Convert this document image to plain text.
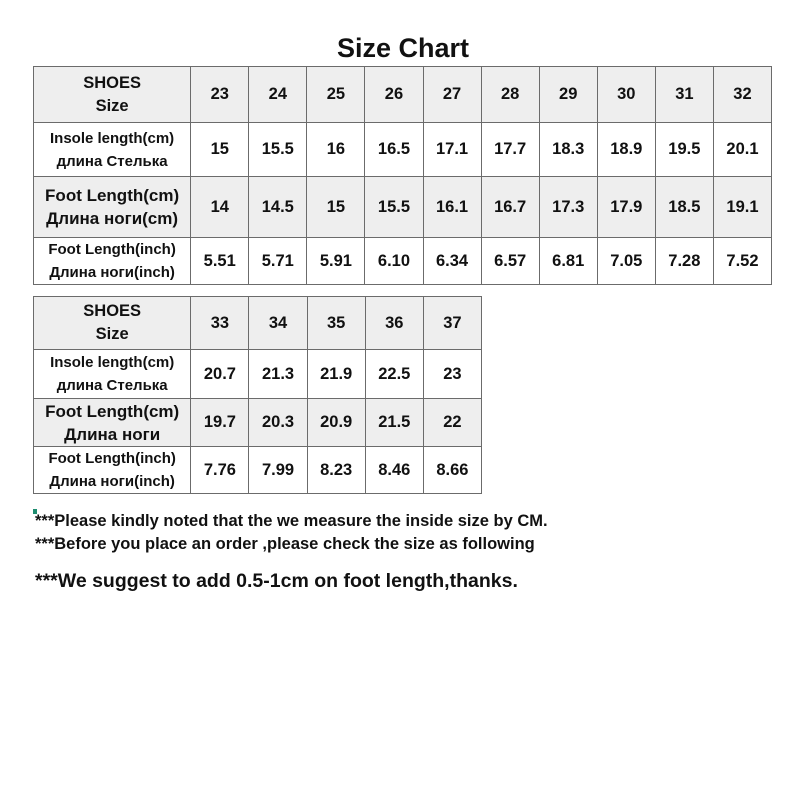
Size Chart
SHOES
Size	23	24	25	26	27	28	29	30	31	32
Insole length(cm)
длина Стелька	15	15.5	16	16.5	17.1	17.7	18.3	18.9	19.5	20.1
Foot Length(cm)
Длина ноги(cm)	14	14.5	15	15.5	16.1	16.7	17.3	17.9	18.5	19.1
Foot Length(inch)
Длина ноги(inch)	5.51	5.71	5.91	6.10	6.34	6.57	6.81	7.05	7.28	7.52
SHOES
Size	33	34	35	36	37
Insole length(cm)
длина Стелька	20.7	21.3	21.9	22.5	23
Foot Length(cm)
Длина ноги	19.7	20.3	20.9	21.5	22
Foot Length(inch)
Длина ноги(inch)	7.76	7.99	8.23	8.46	8.66
***Please kindly noted that the we measure the inside size by CM.
***Before you place an order ,please check the size as following
***We suggest to add 0.5-1cm on foot length,thanks.
